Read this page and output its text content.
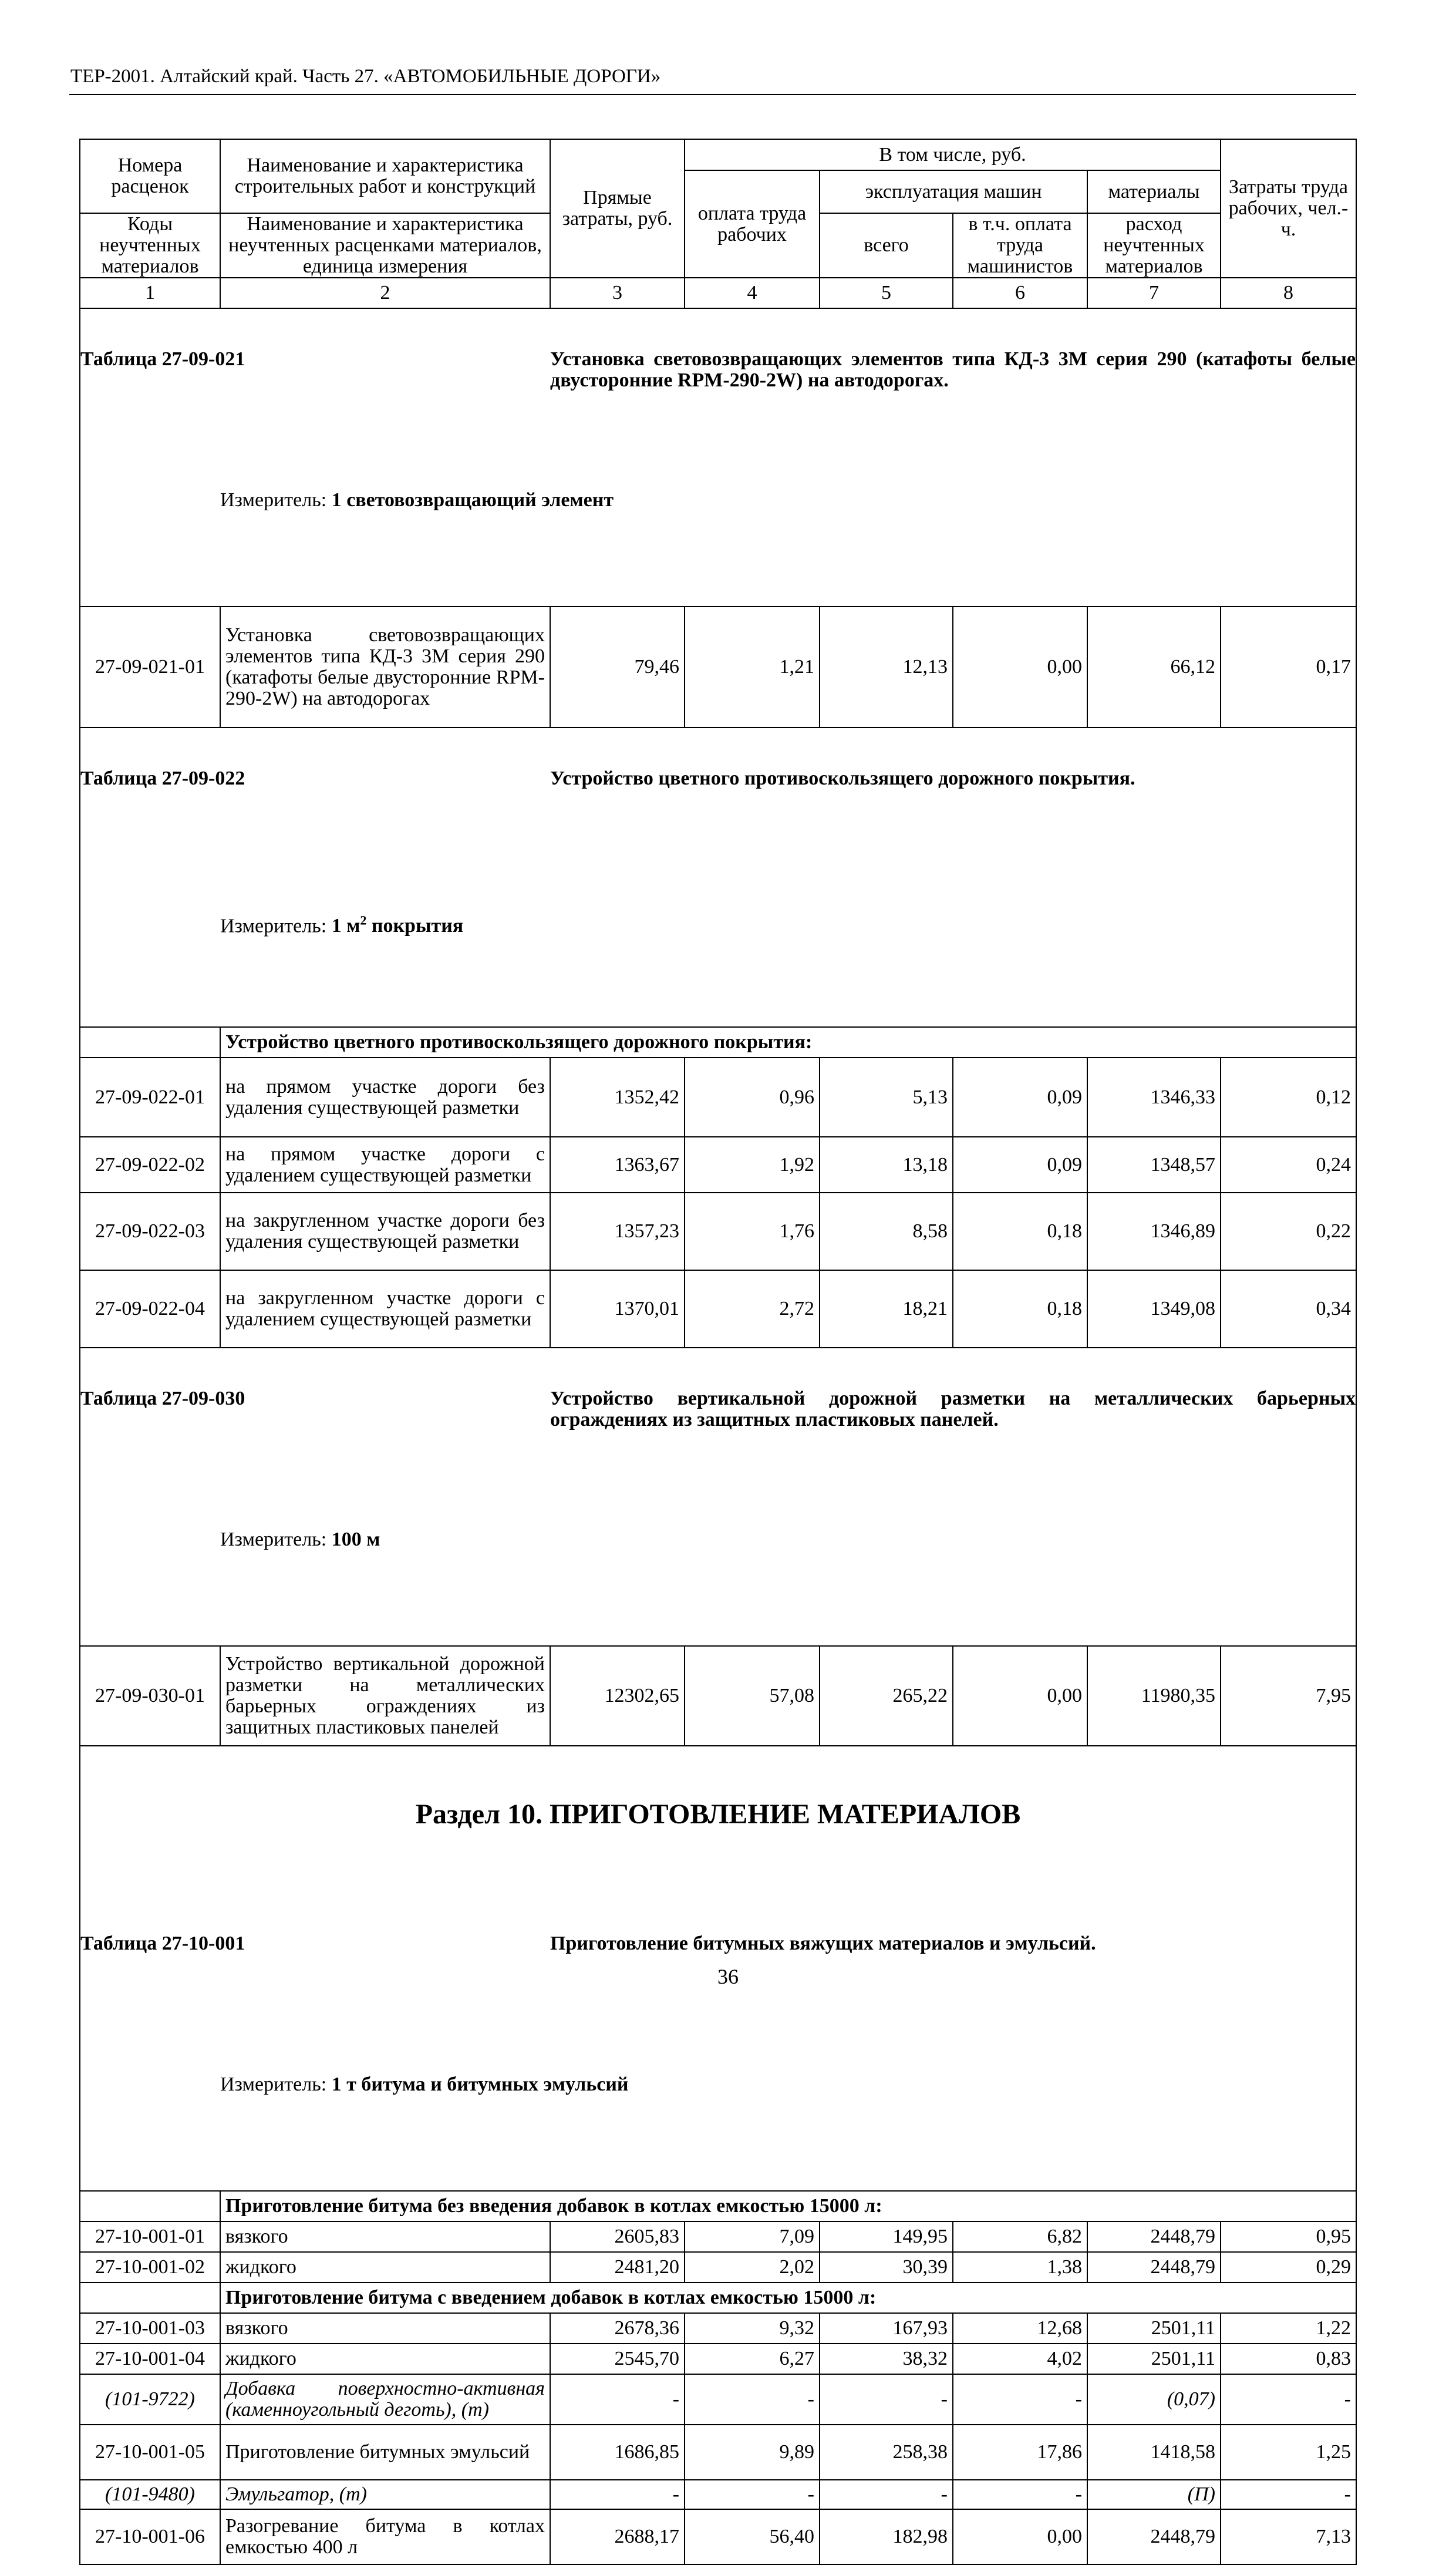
ТЕР-2001. Алтайский край. Часть 27. «АВТОМОБИЛЬНЫЕ ДОРОГИ»
Номера расценок	Наименование и характеристика строительных работ и конструкций	Прямые затраты, руб.	В том числе, руб.	Затраты труда рабочих, чел.-ч.
оплата труда рабочих	эксплуатация машин	материалы
Коды неучтенных материалов	Наименование и характеристика неучтенных расценками материалов, единица измерения	всего	в т.ч. оплата труда машинистов	расход неучтенных материалов
1	2	3	4	5	6	7	8

Таблица 27-09-021	Установка световозвращающих элементов типа КД-3 3М серия 290 (катафоты белые двусторонние RPM-290-2W) на автодорогах.
	Измеритель: 1 световозвращающий элемент

27-09-021-01	Установка световозвращающих элементов типа КД-3 3М серия 290 (катафоты белые двусторонние RPM-290-2W) на автодорогах	79,46	1,21	12,13	0,00	66,12	0,17

Таблица 27-09-022	Устройство цветного противоскользящего дорожного покрытия.
	Измеритель: 1 $м^2$ покрытия

	Устройство цветного противоскользящего дорожного покрытия:
27-09-022-01	на прямом участке дороги без удаления существующей разметки	1352,42	0,96	5,13	0,09	1346,33	0,12
27-09-022-02	на прямом участке дороги с удалением существующей разметки	1363,67	1,92	13,18	0,09	1348,57	0,24
27-09-022-03	на закругленном участке дороги без удаления существующей разметки	1357,23	1,76	8,58	0,18	1346,89	0,22
27-09-022-04	на закругленном участке дороги с удалением существующей разметки	1370,01	2,72	18,21	0,18	1349,08	0,34

Таблица 27-09-030	Устройство вертикальной дорожной разметки на металлических барьерных ограждениях из защитных пластиковых панелей.
	Измеритель: 100 м

27-09-030-01	Устройство вертикальной дорожной разметки на металлических барьерных ограждениях из защитных пластиковых панелей	12302,65	57,08	265,22	0,00	11980,35	7,95

Раздел 10. ПРИГОТОВЛЕНИЕ МАТЕРИАЛОВ
Таблица 27-10-001	Приготовление битумных вяжущих материалов и эмульсий.
	Измеритель: 1 т битума и битумных эмульсий

	Приготовление битума без введения добавок в котлах емкостью 15000 л:
27-10-001-01	вязкого	2605,83	7,09	149,95	6,82	2448,79	0,95
27-10-001-02	жидкого	2481,20	2,02	30,39	1,38	2448,79	0,29
	Приготовление битума с введением добавок в котлах емкостью 15000 л:
27-10-001-03	вязкого	2678,36	9,32	167,93	12,68	2501,11	1,22
27-10-001-04	жидкого	2545,70	6,27	38,32	4,02	2501,11	0,83
(101-9722)	Добавка поверхностно-активная (каменноугольный деготь), (т)	-	-	-	-	(0,07)	-
27-10-001-05	Приготовление битумных эмульсий	1686,85	9,89	258,38	17,86	1418,58	1,25
(101-9480)	Эмульгатор, (т)	-	-	-	-	(П)	-
27-10-001-06	Разогревание битума в котлах емкостью 400 л	2688,17	56,40	182,98	0,00	2448,79	7,13
36
